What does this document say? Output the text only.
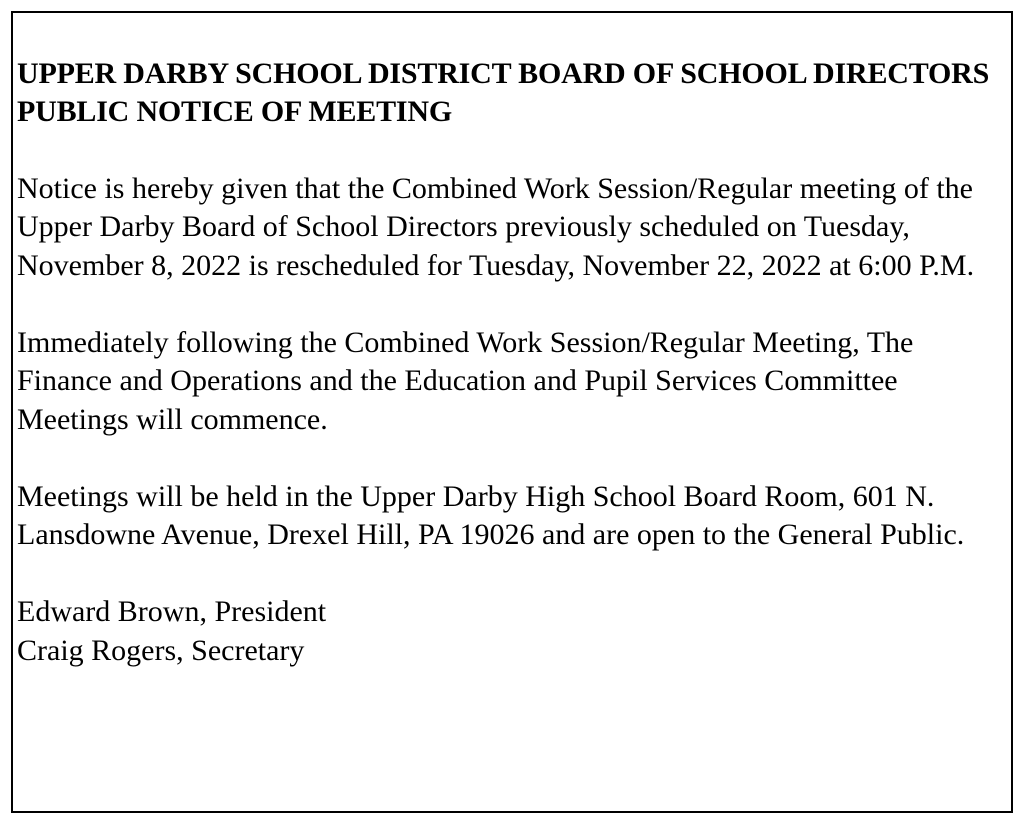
UPPER DARBY SCHOOL DISTRICT BOARD OF SCHOOL DIRECTORS PUBLIC NOTICE OF MEETING

Notice is hereby given that the Combined Work Session/Regular meeting of the Upper Darby Board of School Directors previously scheduled on Tuesday, November 8, 2022 is rescheduled for Tuesday, November 22, 2022 at 6:00 P.M.

Immediately following the Combined Work Session/Regular Meeting, The Finance and Operations and the Education and Pupil Services Committee Meetings will commence.

Meetings will be held in the Upper Darby High School Board Room, 601 N. Lansdowne Avenue, Drexel Hill, PA 19026 and are open to the General Public.

Edward Brown, President

Craig Rogers, Secretary
